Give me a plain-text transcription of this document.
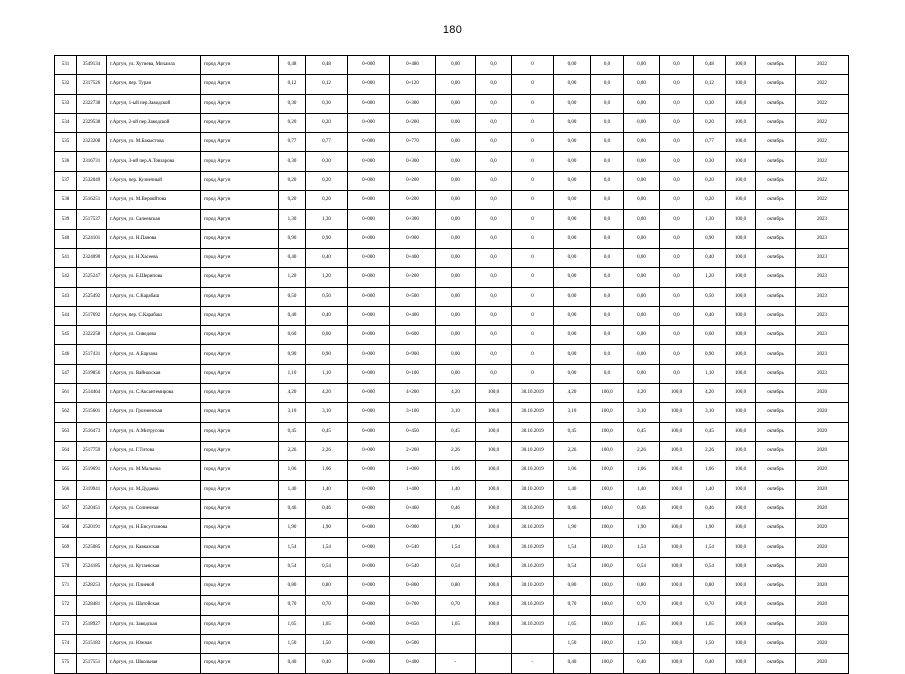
180
531	3549134	г.Аргун, ул. Хутиева, Михаила	город Аргун	0,48	0,48	0+000	0+480	0,00	0,0	0	0,00	0,0	0,00	0,0	0,48	100,0	октябрь	2022
532	2317526	г.Аргун, пер. Туран	город Аргун	0,12	0,12	0+000	0+120	0,00	0,0	0	0,00	0,0	0,00	0,0	0,12	100,0	октябрь	2022
533	2322738	г.Аргун, 1-ый пер.Заводской	город Аргун	0,30	0,30	0+000	0+300	0,00	0,0	0	0,00	0,0	0,00	0,0	0,30	100,0	октябрь	2022
534	2329538	г.Аргун, 2-ой пер.Заводской	город Аргун	0,20	0,20	0+000	0+200	0,00	0,0	0	0,00	0,0	0,00	0,0	0,20	100,0	октябрь	2022
535	2323208	г.Аргун, ул. М.Бакыстова	город Аргун	0,77	0,77	0+000	0+770	0,00	0,0	0	0,00	0,0	0,00	0,0	0,77	100,0	октябрь	2022
536	2316731	г.Аргун, 3-ий пер.А.Товзарова	город Аргун	0,30	0,30	0+000	0+300	0,00	0,0	0	0,00	0,0	0,00	0,0	0,30	100,0	октябрь	2022
537	2532049	г.Аргун, пер. Кузнечный	город Аргун	0,20	0,20	0+000	0+200	0,00	0,0	0	0,00	0,0	0,00	0,0	0,20	100,0	октябрь	2022
538	2516251	г.Аргун, ул. М.Веровйтова	город Аргун	0,20	0,20	0+000	0+200	0,00	0,0	0	0,00	0,0	0,00	0,0	0,20	100,0	октябрь	2022
539	2517537	г.Аргун, ул. Сапеевская	город Аргун	1,30	1,30	0+000	0+300	0,00	0,0	0	0,00	0,0	0,00	0,0	1,30	100,0	октябрь	2023
540	2524101	г.Аргун, ул. Н.Панова	город Аргун	0,90	0,90	0+000	0+900	0,00	0,0	0	0,00	0,0	0,00	0,0	0,90	100,0	октябрь	2023
541	2324090	г.Аргун, ул. Н.Хасеева	город Аргун	0,40	0,40	0+000	0+400	0,00	0,0	0	0,00	0,0	0,00	0,0	0,40	100,0	октябрь	2023
542	2525247	г.Аргун, ул. Б.Шерипова	город Аргун	1,20	1,20	0+000	0+200	0,00	0,0	0	0,00	0,0	0,00	0,0	1,20	100,0	октябрь	2023
543	2525492	г.Аргун, ул. С.Карабаш	город Аргун	0,50	0,50	0+000	0+500	0,00	0,0	0	0,00	0,0	0,00	0,0	0,50	100,0	октябрь	2023
544	2517692	г.Аргун, пер. С.Карабаш	город Аргун	0,40	0,40	0+000	0+400	0,00	0,0	0	0,00	0,0	0,00	0,0	0,40	100,0	октябрь	2023
545	2322258	г.Аргун, ул. Сиведова	город Аргун	0,60	0,60	0+000	0+600	0,00	0,0	0	0,00	0,0	0,00	0,0	0,60	100,0	октябрь	2023
546	2517431	г.Аргун, ул. А.Барзана	город Аргун	0,90	0,90	0+000	0+900	0,00	0,0	0	0,00	0,0	0,00	0,0	0,90	100,0	октябрь	2023
547	2519856	г.Аргун, ул. Вайнахская	город Аргун	1,10	1,10	0+000	0+100	0,00	0,0	0	0,00	0,0	0,00	0,0	1,10	100,0	октябрь	2023
561	2514464	г.Аргун, ул. С.Аксантемирова	город Аргун	4,20	4,20	0+000	4+200	4,20	100,0	30.10.2019	4,20	100,0	4,20	100,0	4,20	100,0	октябрь	2020
562	2515601	г.Аргун, ул. Грозненская	город Аргун	3,10	3,10	0+000	3+100	3,10	100,0	30.10.2019	3,10	100,0	3,10	100,0	3,10	100,0	октябрь	2020
563	2516473	г.Аргун, ул. А.Митрусова	город Аргун	0,45	0,45	0+000	0+450	0,45	100,0	30.10.2019	0,45	100,0	0,45	100,0	0,45	100,0	октябрь	2020
564	2517759	г.Аргун, ул. Г.Титова	город Аргун	2,26	2,26	0+000	2+260	2,26	100,0	30.10.2019	2,26	100,0	2,26	100,0	2,26	100,0	октябрь	2020
565	2519691	г.Аргун, ул. М.Мальина	город Аргун	1,06	1,06	0+000	1+060	1,06	100,0	30.10.2019	1,06	100,0	1,06	100,0	1,06	100,0	октябрь	2020
566	2319941	г.Аргун, ул. М.Дудаева	город Аргун	1,40	1,40	0+000	1+400	1,40	100,0	30.10.2019	1,40	100,0	1,40	100,0	1,40	100,0	октябрь	2020
567	2520451	г.Аргун, ул. Солнечная	город Аргун	0,46	0,46	0+000	0+460	0,46	100,0	30.10.2019	0,46	100,0	0,46	100,0	0,46	100,0	октябрь	2020
568	2520191	г.Аргун, ул. Н.Бисултанова	город Аргун	1,90	1,90	0+000	0+900	1,90	100,0	30.10.2019	1,90	100,0	1,90	100,0	1,90	100,0	октябрь	2020
569	2525085	г.Аргун, ул. Кавказская	город Аргун	1,54	1,54	0+000	0+540	1,54	100,0	30.10.2019	1,54	100,0	1,54	100,0	1,54	100,0	октябрь	2020
570	2524185	г.Аргун, ул. Кутаевская	город Аргун	0,54	0,54	0+000	0+540	0,54	100,0	30.10.2019	0,54	100,0	0,54	100,0	0,54	100,0	октябрь	2020
571	2528253	г.Аргун, ул. Плиевой	город Аргун	0,80	0,80	0+000	0+800	0,80	100,0	30.10.2019	0,80	100,0	0,80	100,0	0,80	100,0	октябрь	2020
572	2528481	г.Аргун, ул. Шатойская	город Аргун	0,70	0,70	0+000	0+700	0,70	100,0	30.10.2019	0,70	100,0	0,70	100,0	0,70	100,0	октябрь	2020
573	2518927	г.Аргун, ул. Заводская	город Аргун	1,65	1,65	0+000	0+650	1,65	100,0	30.10.2019	1,65	100,0	1,65	100,0	1,65	100,0	октябрь	2020
574	2515183	г.Аргун, ул. Южная	город Аргун	1,50	1,50	0+000	0+500				1,50	100,0	1,50	100,0	1,50	100,0	октябрь	2020
575	2517551	г.Аргун, ул. Школьная	город Аргун	0,40	0,40	0+000	0+400	-		-	0,40	100,0	0,40	100,0	0,40	100,0	октябрь	2020
